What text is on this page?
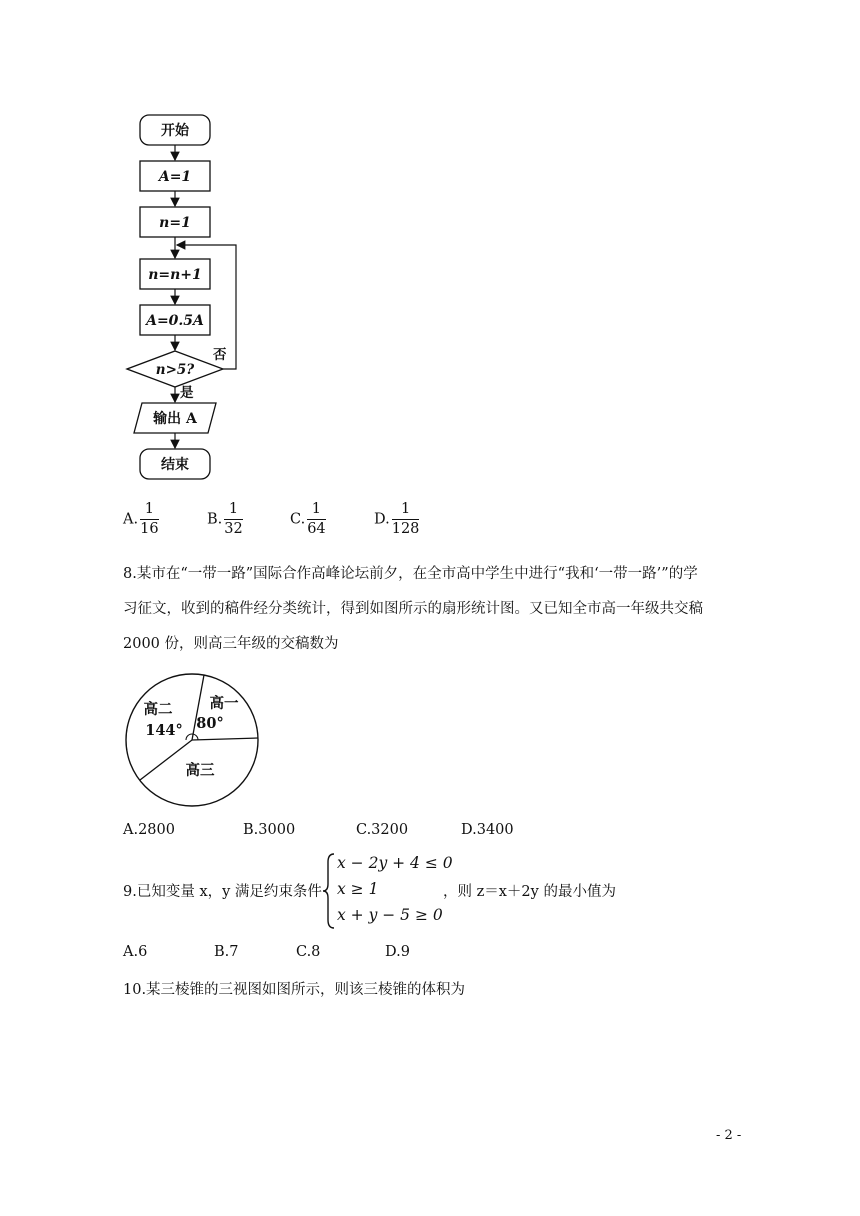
开始
A=1
n=1
n=n+1
A=0.5A
n>5?
否
是
输出 A
结束
A. $\frac{1}{16}$	B. $\frac{1}{32}$	C. $\frac{1}{64}$	D. $\frac{1}{128}$
8.某市在“一带一路”国际合作高峰论坛前夕，在全市高中学生中进行“我和‘一带一路’”的学
习征文，收到的稿件经分类统计，得到如图所示的扇形统计图。又已知全市高一年级共交稿
2000 份，则高三年级的交稿数为
高二
144°
高一
80°
高三
A.2800	B.3000	C.3200	D.3400
9.已知变量 x，y 满足约束条件
x − 2y + 4 ≤ 0
x ≥ 1
x + y − 5 ≥ 0
，则 z＝x＋2y 的最小值为
A.6	B.7	C.8	D.9
10.某三棱锥的三视图如图所示，则该三棱锥的体积为
- 2 -
